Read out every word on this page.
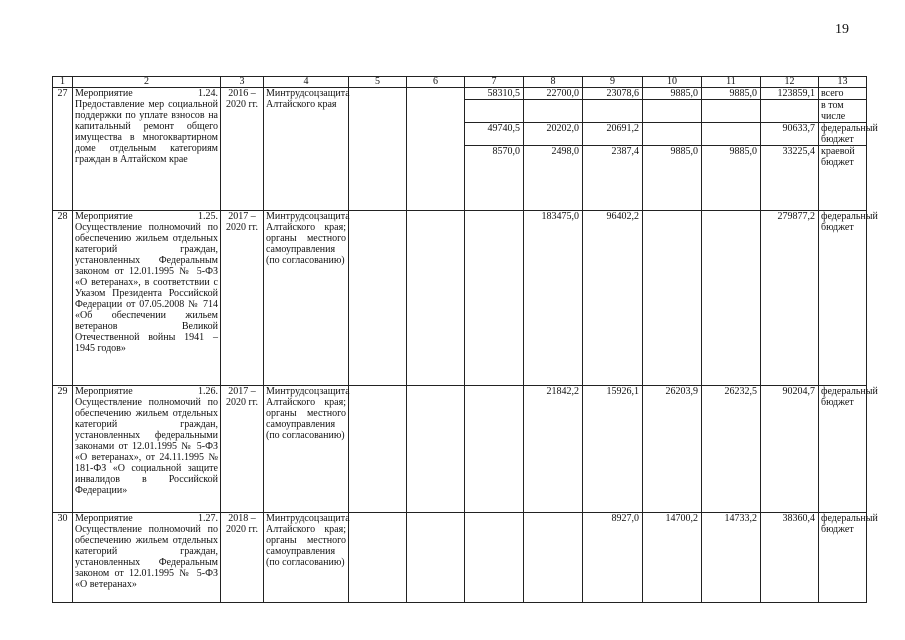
19
1	2	3	4	5	6	7	8	9	10	11	12	13
27	Мероприятие 1.24. Предоставление мер социальной поддержки по уплате взносов на капитальный ремонт общего имущества в многоквартирном доме отдельным категориям граждан в Алтайском крае	2016 – 2020 гг.	Минтрудсоцзащита Алтайского края			58310,5	22700,0	23078,6	9885,0	9885,0	123859,1	всего
												в том числе
						49740,5	20202,0	20691,2			90633,7	федеральный бюджет
						8570,0	2498,0	2387,4	9885,0	9885,0	33225,4	краевой бюджет
28	Мероприятие 1.25. Осуществление полномочий по обеспечению жильем отдельных категорий граждан, установленных Федеральным законом от 12.01.1995 № 5-ФЗ «О ветеранах», в соответствии с Указом Президента Российской Федерации от 07.05.2008 № 714 «Об обеспечении жильем ветеранов Великой Отечественной войны 1941 – 1945 годов»	2017 – 2020 гг.	Минтрудсоцзащита Алтайского края; органы местного самоуправления (по согласованию)				183475,0	96402,2			279877,2	федеральный бюджет
29	Мероприятие 1.26. Осуществление полномочий по обеспечению жильем отдельных категорий граждан, установленных федеральными законами от 12.01.1995 № 5-ФЗ «О ветеранах», от 24.11.1995 № 181-ФЗ «О социальной защите инвалидов в Российской Федерации»	2017 – 2020 гг.	Минтрудсоцзащита Алтайского края; органы местного самоуправления (по согласованию)				21842,2	15926,1	26203,9	26232,5	90204,7	федеральный бюджет
30	Мероприятие 1.27. Осуществление полномочий по обеспечению жильем отдельных категорий граждан, установленных Федеральным законом от 12.01.1995 № 5-ФЗ «О ветеранах»	2018 – 2020 гг.	Минтрудсоцзащита Алтайского края; органы местного самоуправления (по согласованию)					8927,0	14700,2	14733,2	38360,4	федеральный бюджет
